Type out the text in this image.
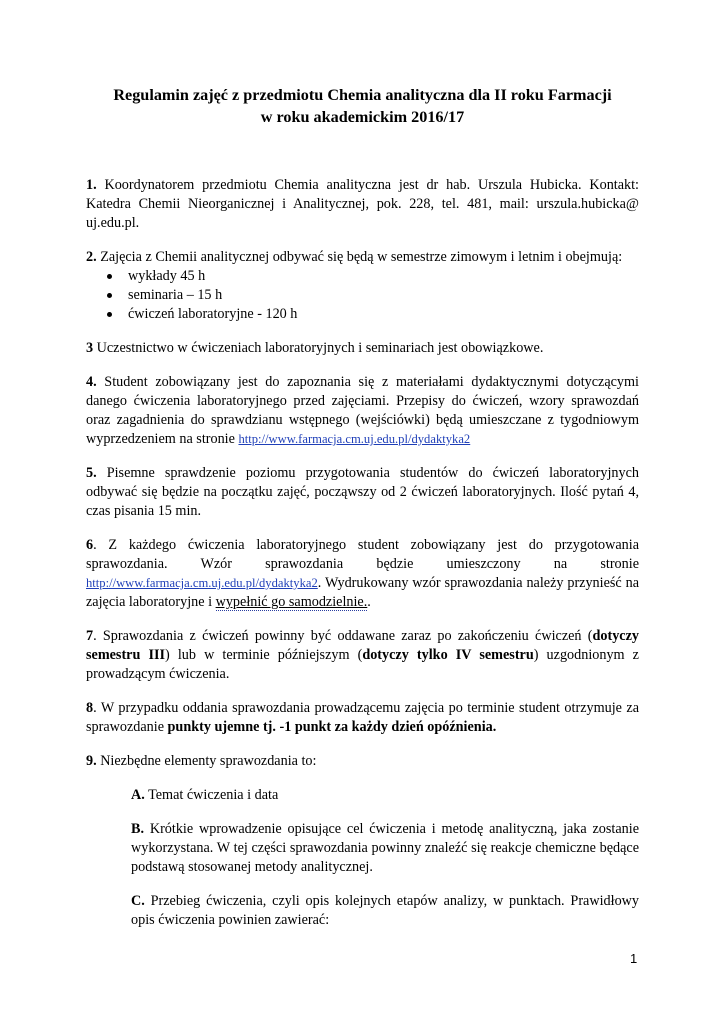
Regulamin zajęć z przedmiotu Chemia analityczna dla II roku Farmacji
w roku akademickim 2016/17

1. Koordynatorem przedmiotu Chemia analityczna jest dr hab. Urszula Hubicka. Kontakt: Katedra Chemii Nieorganicznej i Analitycznej, pok. 228, tel. 481, mail: urszula.hubicka@ uj.edu.pl.

2. Zajęcia z Chemii analitycznej odbywać się będą w semestrze zimowym i letnim i obejmują:

wykłady 45 h
seminaria – 15 h
ćwiczeń laboratoryjne - 120 h

3 Uczestnictwo w ćwiczeniach laboratoryjnych i seminariach jest obowiązkowe.

4. Student zobowiązany jest do zapoznania się z materiałami dydaktycznymi dotyczącymi danego ćwiczenia laboratoryjnego przed zajęciami. Przepisy do ćwiczeń, wzory sprawozdań oraz zagadnienia do sprawdzianu wstępnego (wejściówki) będą umieszczane z tygodniowym wyprzedzeniem na stronie http://www.farmacja.cm.uj.edu.pl/dydaktyka2

5. Pisemne sprawdzenie poziomu przygotowania studentów do ćwiczeń laboratoryjnych odbywać się będzie na początku zajęć, począwszy od 2 ćwiczeń laboratoryjnych. Ilość pytań 4, czas pisania 15 min.

6. Z każdego ćwiczenia laboratoryjnego student zobowiązany jest do przygotowania sprawozdania. Wzór sprawozdania będzie umieszczony na stronie http://www.farmacja.cm.uj.edu.pl/dydaktyka2. Wydrukowany wzór sprawozdania należy przynieść na zajęcia laboratoryjne i wypełnić go samodzielnie..

7. Sprawozdania z ćwiczeń powinny być oddawane zaraz po zakończeniu ćwiczeń (dotyczy semestru III) lub w terminie późniejszym (dotyczy tylko IV semestru) uzgodnionym z prowadzącym ćwiczenia.

8. W przypadku oddania sprawozdania prowadzącemu zajęcia po terminie student otrzymuje za sprawozdanie punkty ujemne tj. -1 punkt za każdy dzień opóźnienia.

9. Niezbędne elementy sprawozdania to:

A. Temat ćwiczenia i data

B. Krótkie wprowadzenie opisujące cel ćwiczenia i metodę analityczną, jaka zostanie wykorzystana. W tej części sprawozdania powinny znaleźć się reakcje chemiczne będące podstawą stosowanej metody analitycznej.

C. Przebieg ćwiczenia, czyli opis kolejnych etapów analizy, w punktach. Prawidłowy opis ćwiczenia powinien zawierać:

1
